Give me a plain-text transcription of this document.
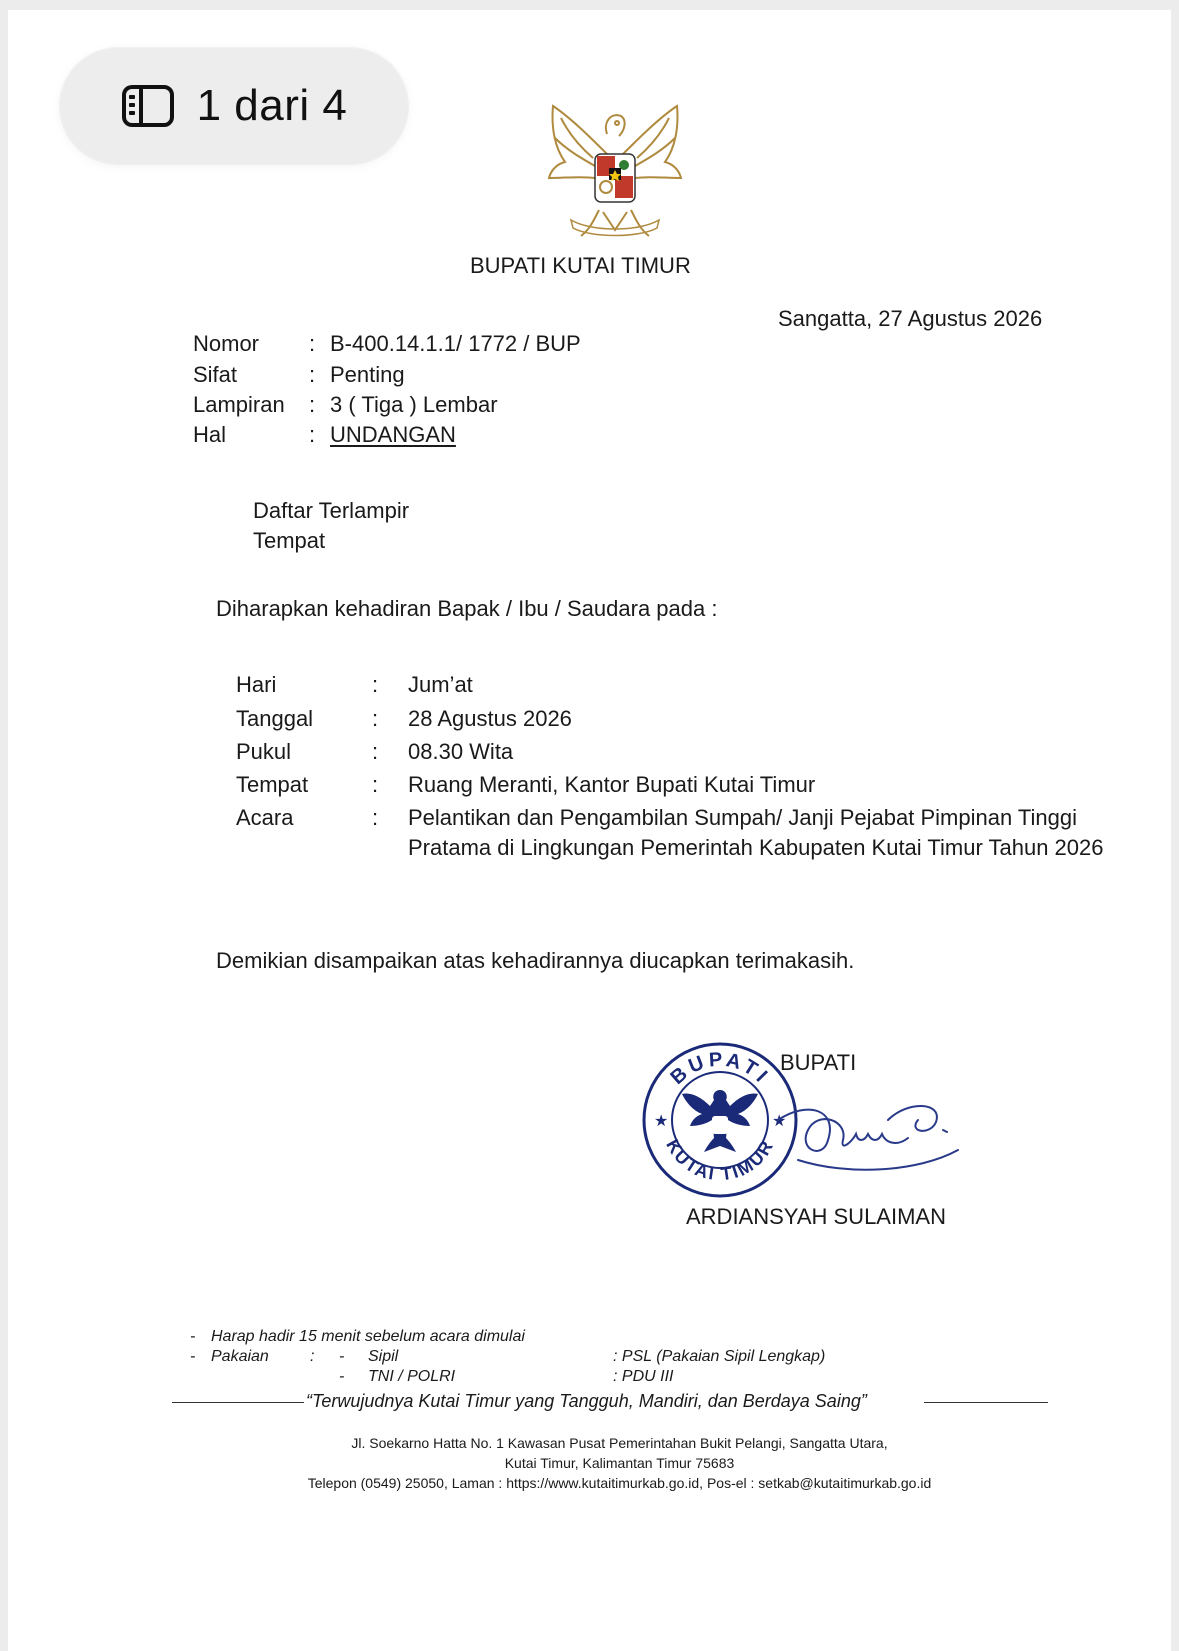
BUPATI KUTAI TIMUR
Sangatta, 27 Agustus 2026
Nomor : B-400.14.1.1/ 1772 / BUP
Sifat	: Penting
Lampiran : 3 ( Tiga ) Lembar
Hal	: UNDANGAN
Daftar Terlampir
Tempat
Diharapkan kehadiran Bapak / Ibu / Saudara pada :
Hari	: Jum’at
Tanggal	: 28 Agustus 2026
Pukul	: 08.30 Wita
Tempat	: Ruang Meranti, Kantor Bupati Kutai Timur
Acara	: Pelantikan dan Pengambilan Sumpah/ Janji Pejabat Pimpinan Tinggi
Pratama di Lingkungan Pemerintah Kabupaten Kutai Timur Tahun 2026
Demikian disampaikan atas kehadirannya diucapkan terimakasih.
BUPATI
BUPATI
KUTAI TIMUR
★	★
ARDIANSYAH SULAIMAN
- Harap hadir 15 menit sebelum acara dimulai
- Pakaian	: - Sipil	: PSL (Pakaian Sipil Lengkap)
- TNI / POLRI	: PDU III
“Terwujudnya Kutai Timur yang Tangguh, Mandiri, dan Berdaya Saing”
Jl. Soekarno Hatta No. 1 Kawasan Pusat Pemerintahan Bukit Pelangi, Sangatta Utara,
Kutai Timur, Kalimantan Timur 75683
Telepon (0549) 25050, Laman : https://www.kutaitimurkab.go.id, Pos-el : setkab@kutaitimurkab.go.id
1 dari 4
